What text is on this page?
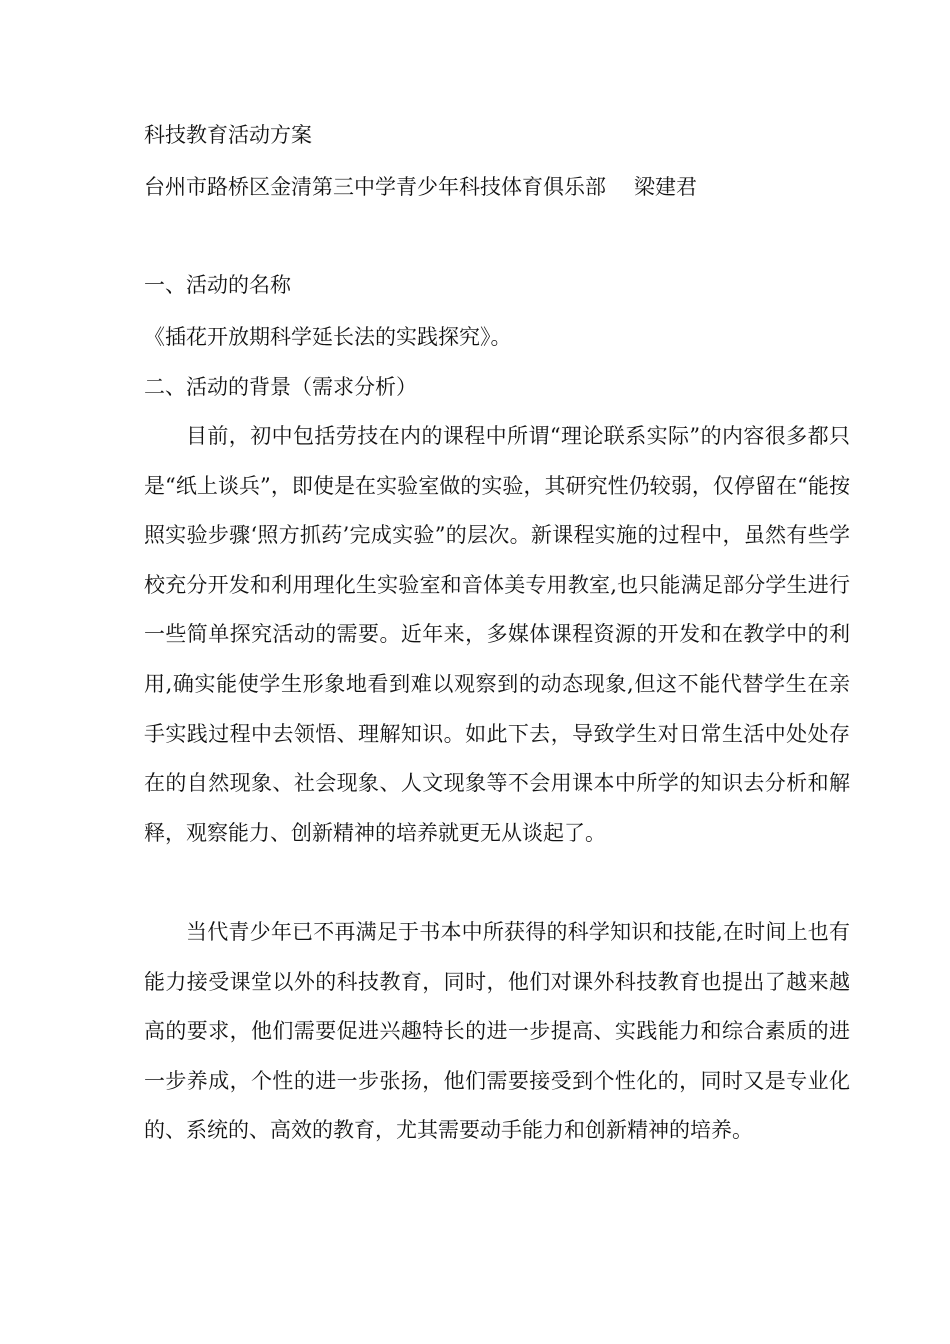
科技教育活动方案

台州市路桥区金清第三中学青少年科技体育俱乐部 梁建君

一、活动的名称

《插花开放期科学延长法的实践探究》。

二、活动的背景（需求分析）

目前，初中包括劳技在内的课程中所谓“理论联系实际”的内容很多都只是“纸上谈兵”，即使是在实验室做的实验，其研究性仍较弱，仅停留在“能按照实验步骤‘照方抓药’完成实验”的层次。新课程实施的过程中，虽然有些学校充分开发和利用理化生实验室和音体美专用教室,也只能满足部分学生进行一些简单探究活动的需要。近年来，多媒体课程资源的开发和在教学中的利用,确实能使学生形象地看到难以观察到的动态现象,但这不能代替学生在亲手实践过程中去领悟、理解知识。如此下去，导致学生对日常生活中处处存在的自然现象、社会现象、人文现象等不会用课本中所学的知识去分析和解释，观察能力、创新精神的培养就更无从谈起了。

当代青少年已不再满足于书本中所获得的科学知识和技能,在时间上也有能力接受课堂以外的科技教育，同时，他们对课外科技教育也提出了越来越高的要求，他们需要促进兴趣特长的进一步提高、实践能力和综合素质的进一步养成，个性的进一步张扬，他们需要接受到个性化的，同时又是专业化的、系统的、高效的教育，尤其需要动手能力和创新精神的培养。
